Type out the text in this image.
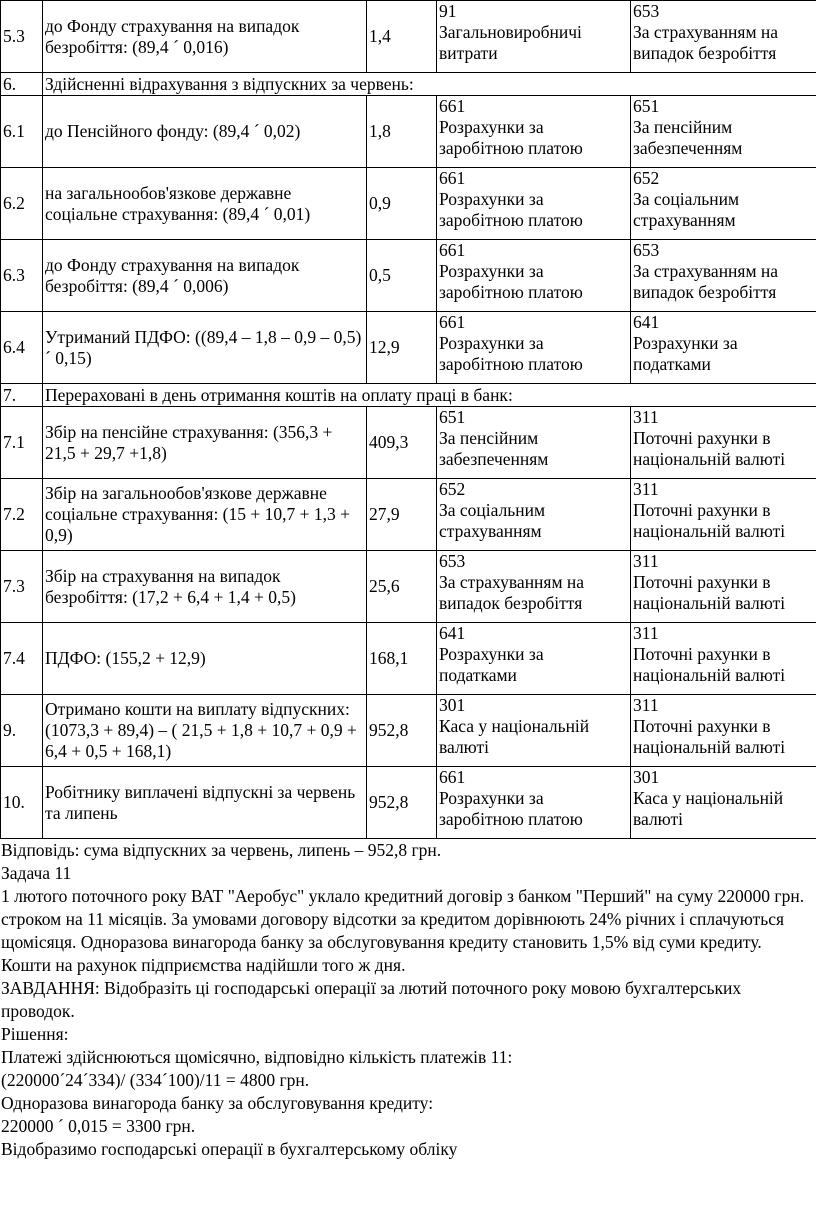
5.3	до Фонду страхування на випадок безробіття: (89,4 ´ 0,016)	1,4	91
Загальновиробничі
витрати	653
За страхуванням на
випадок безробіття
6.	Здійсненні відрахування з відпускних за червень:			
6.1	до Пенсійного фонду: (89,4 ´ 0,02)	1,8	661
Розрахунки за
заробітною платою	651
За пенсійним
забезпеченням
6.2	на загальнообов'язкове державне соціальне страхування: (89,4 ´ 0,01)	0,9	661
Розрахунки за
заробітною платою	652
За соціальним
страхуванням
6.3	до Фонду страхування на випадок безробіття: (89,4 ´ 0,006)	0,5	661
Розрахунки за
заробітною платою	653
За страхуванням на
випадок безробіття
6.4	Утриманий ПДФО: ((89,4 – 1,8 – 0,9 – 0,5) ´ 0,15)	12,9	661
Розрахунки за
заробітною платою	641
Розрахунки за
податками
7.	Перераховані в день отримання коштів на оплату праці в банк:			
7.1	Збір на пенсійне страхування: (356,3 + 21,5 + 29,7 +1,8)	409,3	651
За пенсійним
забезпеченням	311
Поточні рахунки в
національній валюті
7.2	Збір на загальнообов'язкове державне соціальне страхування: (15 + 10,7 + 1,3 + 0,9)	27,9	652
За соціальним
страхуванням	311
Поточні рахунки в
національній валюті
7.3	Збір на страхування на випадок безробіття: (17,2 + 6,4 + 1,4 + 0,5)	25,6	653
За страхуванням на
випадок безробіття	311
Поточні рахунки в
національній валюті
7.4	ПДФО: (155,2 + 12,9)	168,1	641
Розрахунки за
податками	311
Поточні рахунки в
національній валюті
9.	Отримано кошти на виплату відпускних: (1073,3 + 89,4) – ( 21,5 + 1,8 + 10,7 + 0,9 + 6,4 + 0,5 + 168,1)	952,8	301
Каса у національній
валюті	311
Поточні рахунки в
національній валюті
10.	Робітнику виплачені відпускні за червень та липень	952,8	661
Розрахунки за
заробітною платою	301
Каса у національній
валюті

Відповідь: сума відпускних за червень, липень – 952,8 грн.

Задача 11

1 лютого поточного року ВАТ "Аеробус" уклало кредитний договір з банком "Перший" на суму 220000 грн. строком на 11 місяців. За умовами договору відсотки за кредитом дорівнюють 24% річних і сплачуються щомісяця. Одноразова винагорода банку за обслуговування кредиту становить 1,5% від суми кредиту. Кошти на рахунок підприємства надійшли того ж дня.

ЗАВДАННЯ: Відобразіть ці господарські операції за лютий поточного року мовою бухгалтерських проводок.

Рішення:

Платежі здійснюються щомісячно, відповідно кількість платежів 11:

(220000´24´334)/ (334´100)/11 = 4800 грн.

Одноразова винагорода банку за обслуговування кредиту:

220000 ´ 0,015 = 3300 грн.

Відобразимо господарські операції в бухгалтерському обліку
